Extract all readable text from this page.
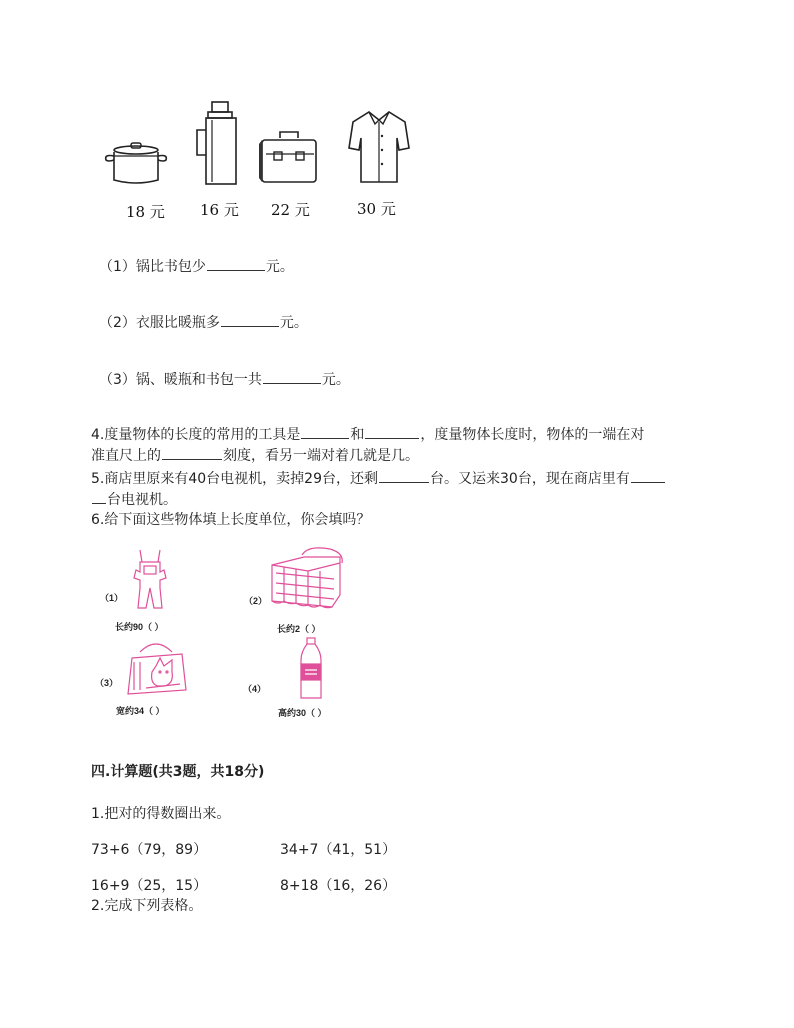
18 元 16 元 22 元	30 元
（1）锅比书包少	元。
（2）衣服比暖瓶多	元。
（3）锅、暖瓶和书包一共	元。
4.度量物体的长度的常用的工具是	和	，度量物体长度时，物体的一端在对
准直尺上的	刻度，看另一端对着几就是几。
5.商店里原来有40台电视机，卖掉29台，还剩	台。又运来30台，现在商店里有
台电视机。
6.给下面这些物体填上长度单位，你会填吗？
（1）
长约90（ ）
（2）
长约2（ ）
（3）
宽约34（ ）
（4）
高约30（ ）
四.计算题(共3题，共18分)
1.把对的得数圈出来。
73+6（79，89）	34+7（41，51）
16+9（25，15）	8+18（16，26）
2.完成下列表格。
